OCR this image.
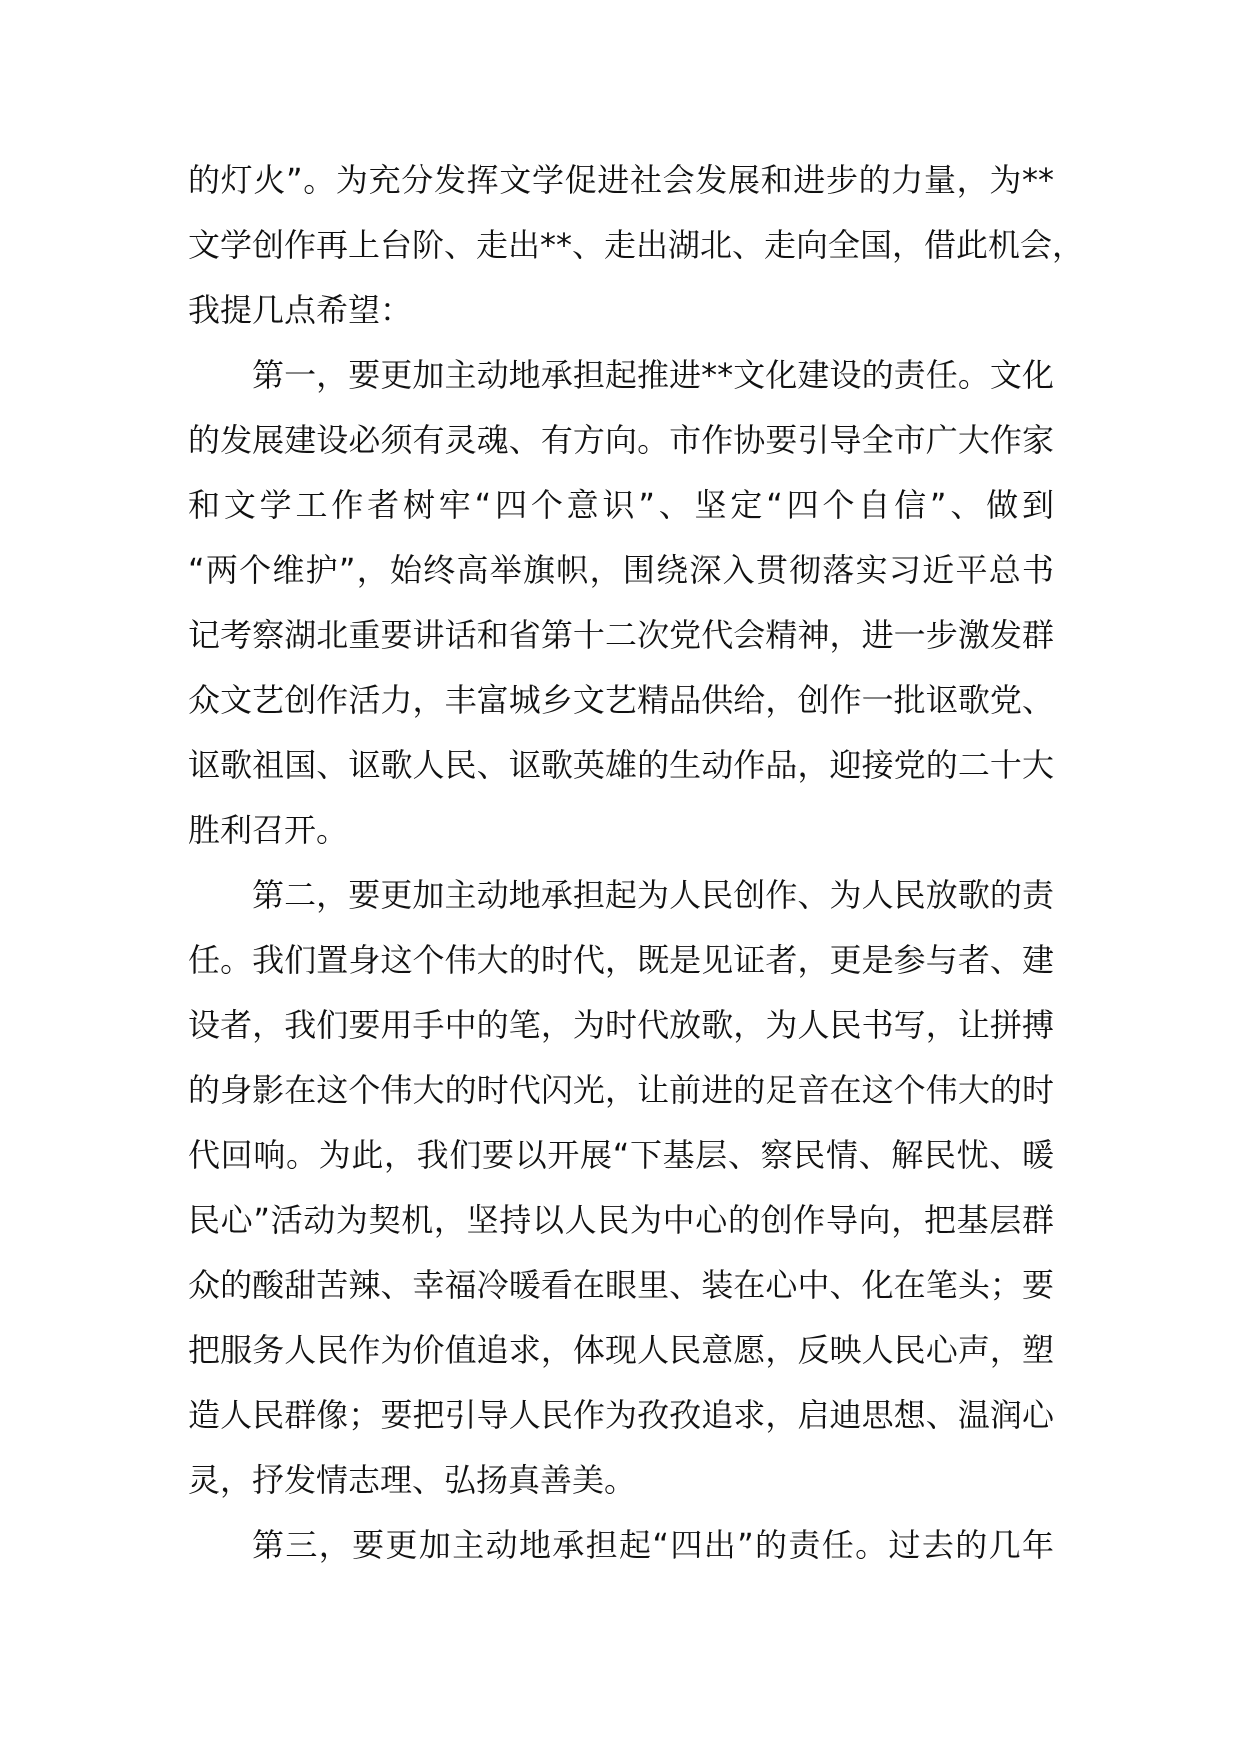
的灯火”。为充分发挥文学促进社会发展和进步的力量，为**
文学创作再上台阶、走出**、走出湖北、走向全国，借此机会，
我提几点希望：
第一，要更加主动地承担起推进**文化建设的责任。文化
的发展建设必须有灵魂、有方向。市作协要引导全市广大作家
和文学工作者树牢“四个意识”、坚定“四个自信”、做到
“两个维护”，始终高举旗帜，围绕深入贯彻落实习近平总书
记考察湖北重要讲话和省第十二次党代会精神，进一步激发群
众文艺创作活力，丰富城乡文艺精品供给，创作一批讴歌党、
讴歌祖国、讴歌人民、讴歌英雄的生动作品，迎接党的二十大
胜利召开。
第二，要更加主动地承担起为人民创作、为人民放歌的责
任。我们置身这个伟大的时代，既是见证者，更是参与者、建
设者，我们要用手中的笔，为时代放歌，为人民书写，让拼搏
的身影在这个伟大的时代闪光，让前进的足音在这个伟大的时
代回响。为此，我们要以开展“下基层、察民情、解民忧、暖
民心”活动为契机，坚持以人民为中心的创作导向，把基层群
众的酸甜苦辣、幸福冷暖看在眼里、装在心中、化在笔头；要
把服务人民作为价值追求，体现人民意愿，反映人民心声，塑
造人民群像；要把引导人民作为孜孜追求，启迪思想、温润心
灵，抒发情志理、弘扬真善美。
第三，要更加主动地承担起“四出”的责任。过去的几年
